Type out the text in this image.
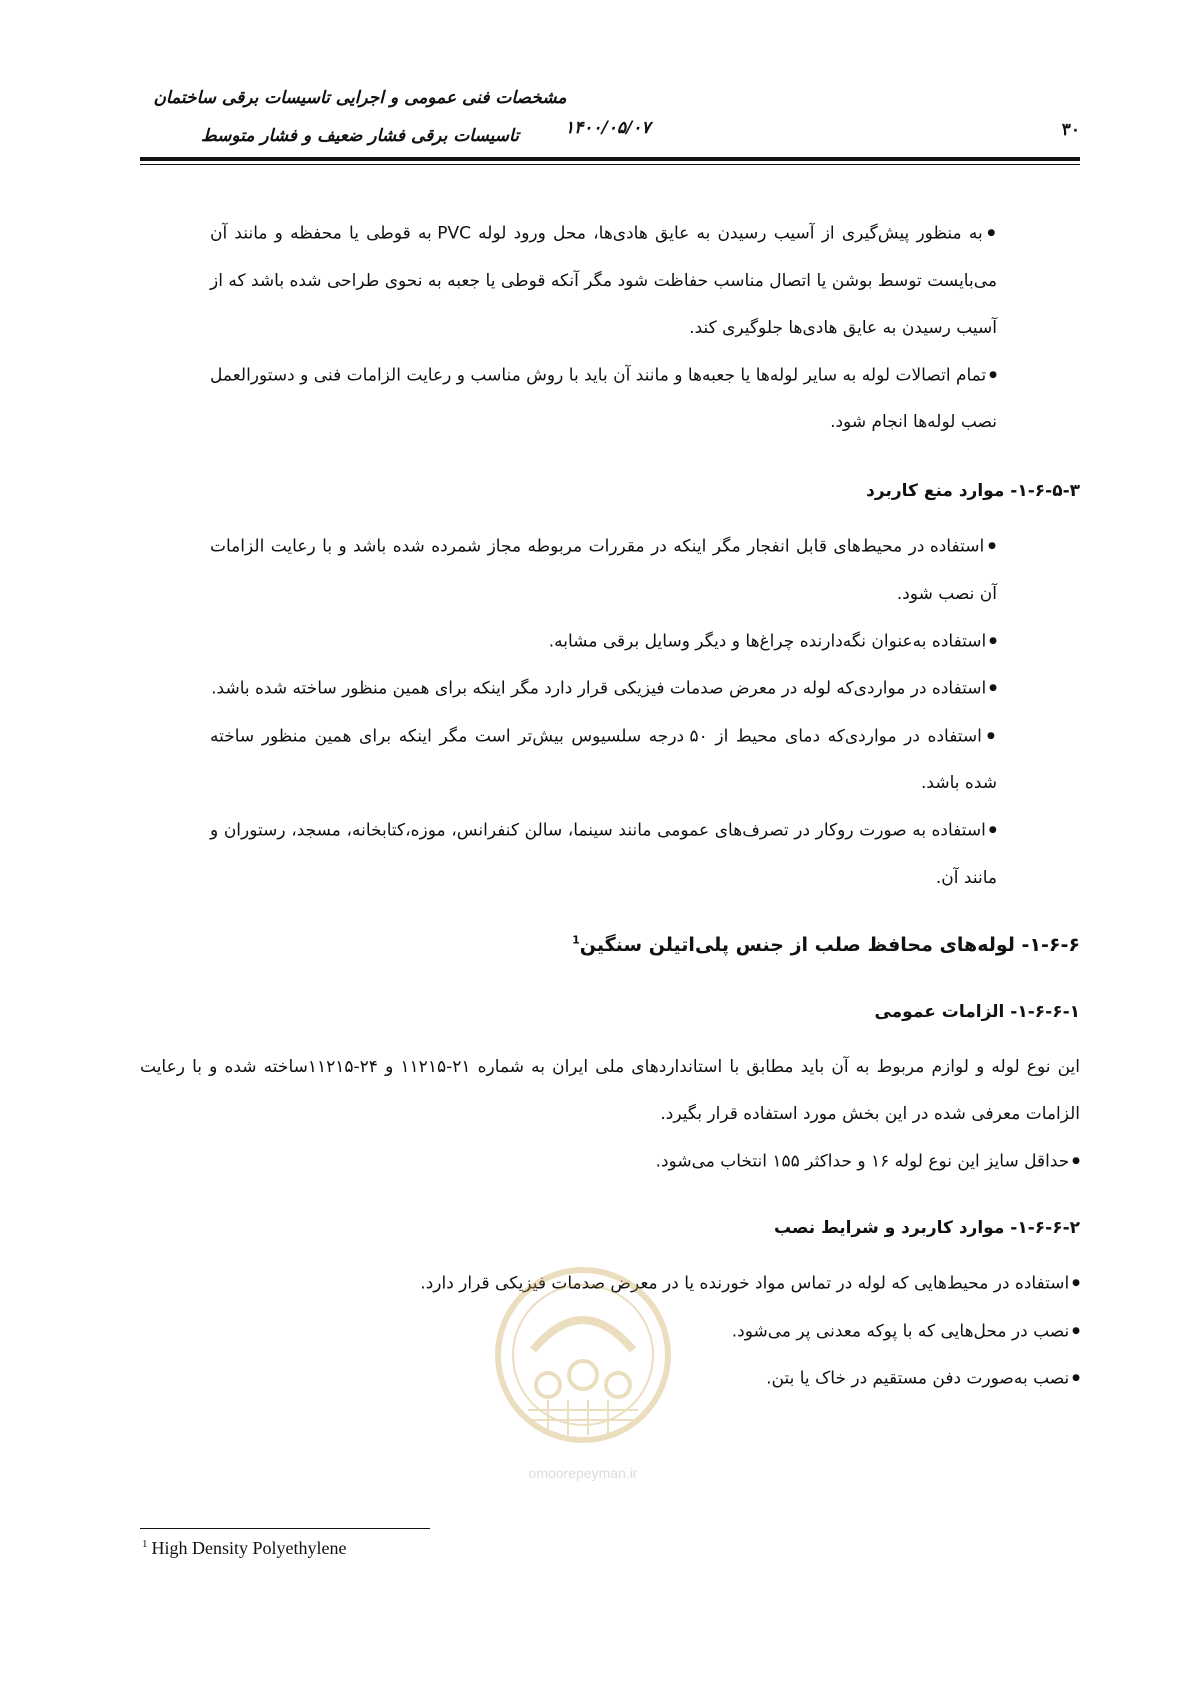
مشخصات فنی عمومی و اجرایی تاسیسات برقی ساختمان
تاسیسات برقی فشار ضعیف و فشار متوسط	۱۴۰۰/۰۵/۰۷	۳۰

● به منظور پیش‌گیری از آسیب رسیدن به عایق هادی‌ها، محل ورود لوله PVC به قوطی یا محفظه و مانند آن می‌بایست توسط بوشن یا اتصال مناسب حفاظت شود مگر آنکه قوطی یا جعبه به نحوی طراحی شده باشد که از آسیب رسیدن به عایق هادی‌ها جلوگیری کند.

● تمام اتصالات لوله به سایر لوله‌ها یا جعبه‌ها و مانند آن باید با روش مناسب و رعایت الزامات فنی و دستورالعمل نصب لوله‌ها انجام شود.

۱-۶-۵-۳- موارد منع کاربرد

● استفاده در محیط‌های قابل انفجار مگر اینکه در مقررات مربوطه مجاز شمرده شده باشد و با رعایت الزامات آن نصب شود.

● استفاده به‌عنوان نگه‌دارنده چراغ‌ها و دیگر وسایل برقی مشابه.

● استفاده در مواردی‌که لوله در معرض صدمات فیزیکی قرار دارد مگر اینکه برای همین منظور ساخته شده باشد.

● استفاده در مواردی‌که دمای محیط از ۵۰ درجه سلسیوس بیش‌تر است مگر اینکه برای همین منظور ساخته شده باشد.

● استفاده به صورت روکار در تصرف‌های عمومی مانند سینما، سالن کنفرانس، موزه،کتابخانه، مسجد، رستوران و مانند آن.

۱-۶-۶- لوله‌های محافظ صلب از جنس پلی‌اتیلن سنگین$^1$
۱-۶-۶-۱- الزامات عمومی

این نوع لوله و لوازم مربوط به آن باید مطابق با استانداردهای ملی ایران به شماره ۲۱-۱۱۲۱۵ و ۲۴-۱۱۲۱۵ساخته شده و با رعایت الزامات معرفی شده در این بخش مورد استفاده قرار بگیرد.

● حداقل سایز این نوع لوله ۱۶ و حداکثر ۱۵۵ انتخاب می‌شود.

۱-۶-۶-۲- موارد کاربرد و شرایط نصب

● استفاده در محیط‌هایی که لوله در تماس مواد خورنده یا در معرض صدمات فیزیکی قرار دارد.

● نصب در محل‌هایی که با پوکه معدنی پر می‌شود.

● نصب به‌صورت دفن مستقیم در خاک یا بتن.

omoorepeyman.ir
$^1$ High Density Polyethylene
